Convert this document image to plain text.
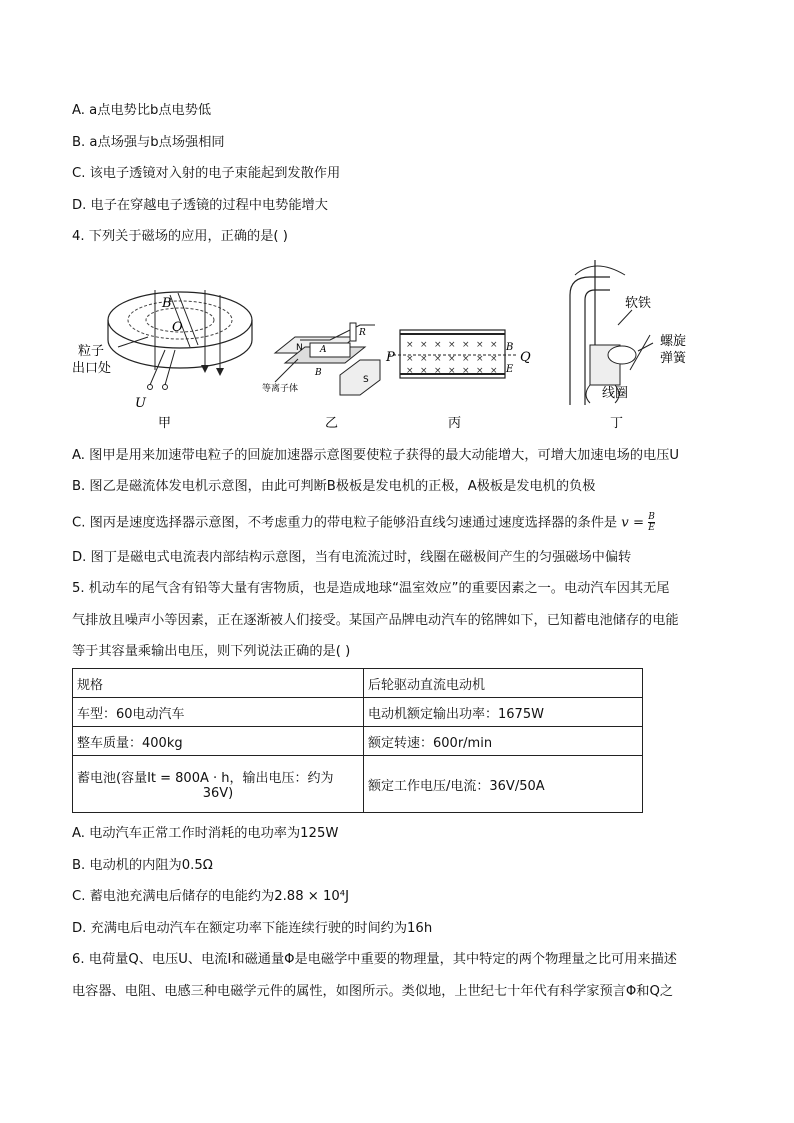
A. a点电势比b点电势低
B. a点场强与b点场强相同
C. 该电子透镜对入射的电子束能起到发散作用
D. 电子在穿越电子透镜的过程中电势能增大
4. 下列关于磁场的应用，正确的是( )
B
O
U
粒子
出口处
甲
N A
R
B
S
等离子体
乙
× × × × × × ×
× × × × × × ×
× × × × × × ×
P	Q
B
E
丙
软铁
螺旋
弹簧
线圈
丁
A. 图甲是用来加速带电粒子的回旋加速器示意图要使粒子获得的最大动能增大，可增大加速电场的电压U
B. 图乙是磁流体发电机示意图，由此可判断B极板是发电机的正极，A极板是发电机的负极
C. 图丙是速度选择器示意图，不考虑重力的带电粒子能够沿直线匀速通过速度选择器的条件是 $v = \frac{B}{E}$
D. 图丁是磁电式电流表内部结构示意图，当有电流流过时，线圈在磁极间产生的匀强磁场中偏转
5. 机动车的尾气含有铅等大量有害物质，也是造成地球“温室效应”的重要因素之一。电动汽车因其无尾
气排放且噪声小等因素，正在逐渐被人们接受。某国产品牌电动汽车的铭牌如下，已知蓄电池储存的电能
等于其容量乘输出电压，则下列说法正确的是( )
规格	后轮驱动直流电动机
车型：60电动汽车	电动机额定输出功率：1675W
整车质量：400kg	额定转速：600r/min

蓄电池(容量It = 800A · h，输出电压：约为
36V)	额定工作电压/电流：36V/50A
A. 电动汽车正常工作时消耗的电功率为125W
B. 电动机的内阻为0.5Ω
C. 蓄电池充满电后储存的电能约为2.88 × 10⁴J
D. 充满电后电动汽车在额定功率下能连续行驶的时间约为16h
6. 电荷量Q、电压U、电流I和磁通量Φ是电磁学中重要的物理量，其中特定的两个物理量之比可用来描述
电容器、电阻、电感三种电磁学元件的属性，如图所示。类似地，上世纪七十年代有科学家预言Φ和Q之
